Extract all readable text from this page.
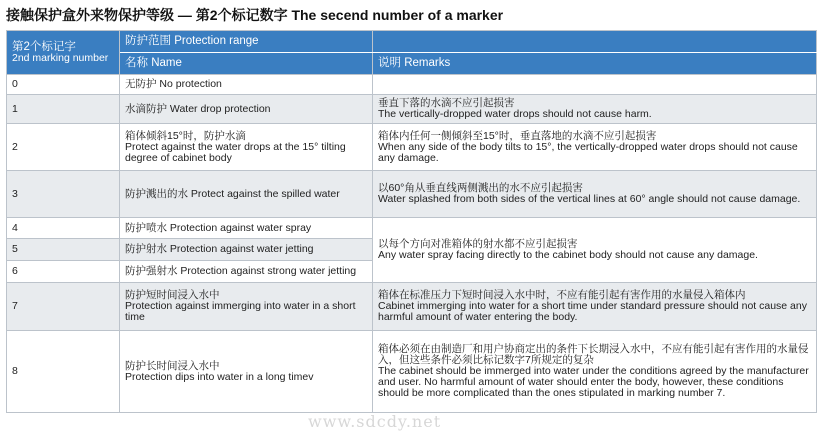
接触保护盒外来物保护等级 — 第2个标记数字 The secend number of a marker
第2个标记字
2nd marking number	防护范围 Protection range	
	名称 Name	说明 Remarks
0	无防护 No protection	
1	水滴防护 Water drop protection	垂直下落的水滴不应引起损害
The vertically-dropped water drops should not cause harm.

2	箱体倾斜15°时，防护水滴
Protect against the water drops at the 15° tilting degree of cabinet body	箱体内任何一侧倾斜至15°时，垂直落地的水滴不应引起损害
When any side of the body tilts to 15°, the vertically-dropped water drops should not cause any damage.

3	防护溅出的水 Protect against the spilled water	以60°角从垂直线两侧溅出的水不应引起损害
Water splashed from both sides of the vertical lines at 60° angle should not cause damage.

4	防护喷水 Protection against water spray	以每个方向对准箱体的射水都不应引起损害
Any water spray facing directly to the cabinet body should not cause any damage.

5	防护射水 Protection against water jetting	
6	防护强射水 Protection against strong water jetting	
7	防护短时间浸入水中
Protection against immerging into water in a short time	箱体在标准压力下短时间浸入水中时，不应有能引起有害作用的水量侵入箱体内
Cabinet immerging into water for a short time under standard pressure should not cause any harmful amount of water entering the body.

8	防护长时间浸入水中
Protection dips into water in a long timev	箱体必须在由制造厂和用户协商定出的条件下长期浸入水中，不应有能引起有害作用的水量侵入，但这些条件必须比标记数字7所规定的复杂
The cabinet should be immerged into water under the conditions agreed by the manufacturer and user. No harmful amount of water should enter the body, however, these conditions should be more complicated than the ones stipulated in marking number 7.
www.sdcdy.net
